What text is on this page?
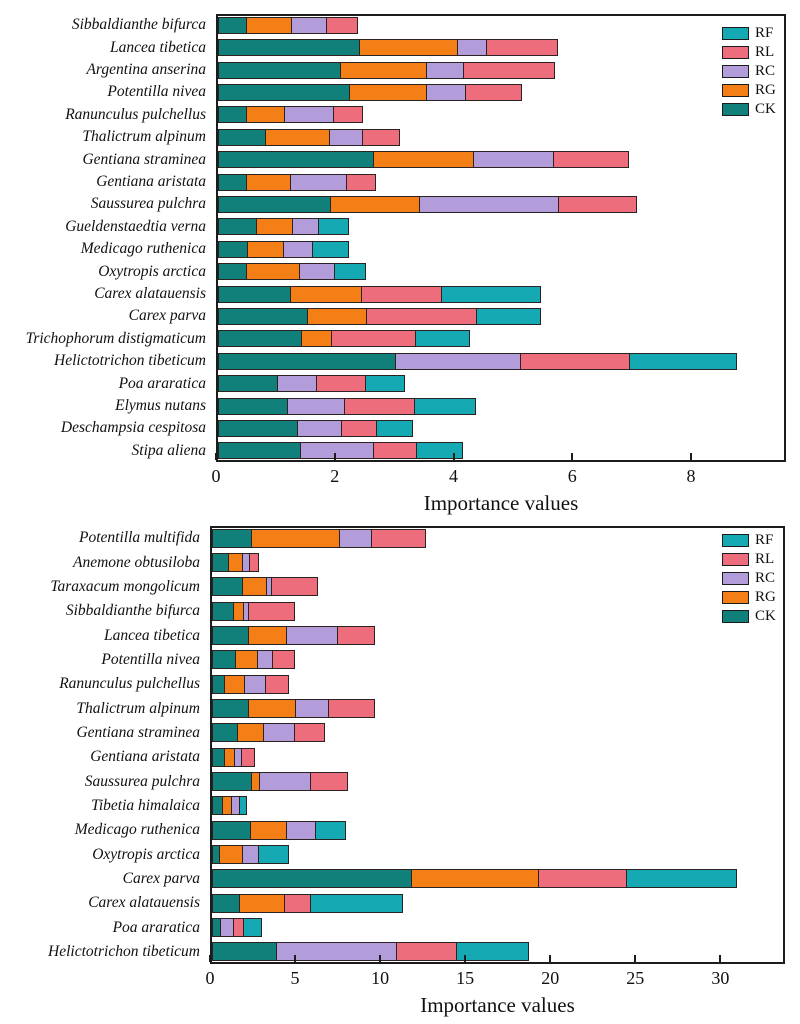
Sibbaldianthe bifurca
Lancea tibetica
Argentina anserina
Potentilla nivea
Ranunculus pulchellus
Thalictrum alpinum
Gentiana straminea
Gentiana aristata
Saussurea pulchra
Gueldenstaedtia verna
Medicago ruthenica
Oxytropis arctica
Carex alatauensis
Carex parva
Trichophorum distigmaticum
Helictotrichon tibeticum
Poa araratica
Elymus nutans
Deschampsia cespitosa
Stipa aliena
0	2	4	6	8
Importance values
RF
RL
RC
RG
CK
Potentilla multifida
Anemone obtusiloba
Taraxacum mongolicum
Sibbaldianthe bifurca
Lancea tibetica
Potentilla nivea
Ranunculus pulchellus
Thalictrum alpinum
Gentiana straminea
Gentiana aristata
Saussurea pulchra
Tibetia himalaica
Medicago ruthenica
Oxytropis arctica
Carex parva
Carex alatauensis
Poa araratica
Helictotrichon tibeticum
0	5	10	15	20	25	30
Importance values
RF
RL
RC
RG
CK
